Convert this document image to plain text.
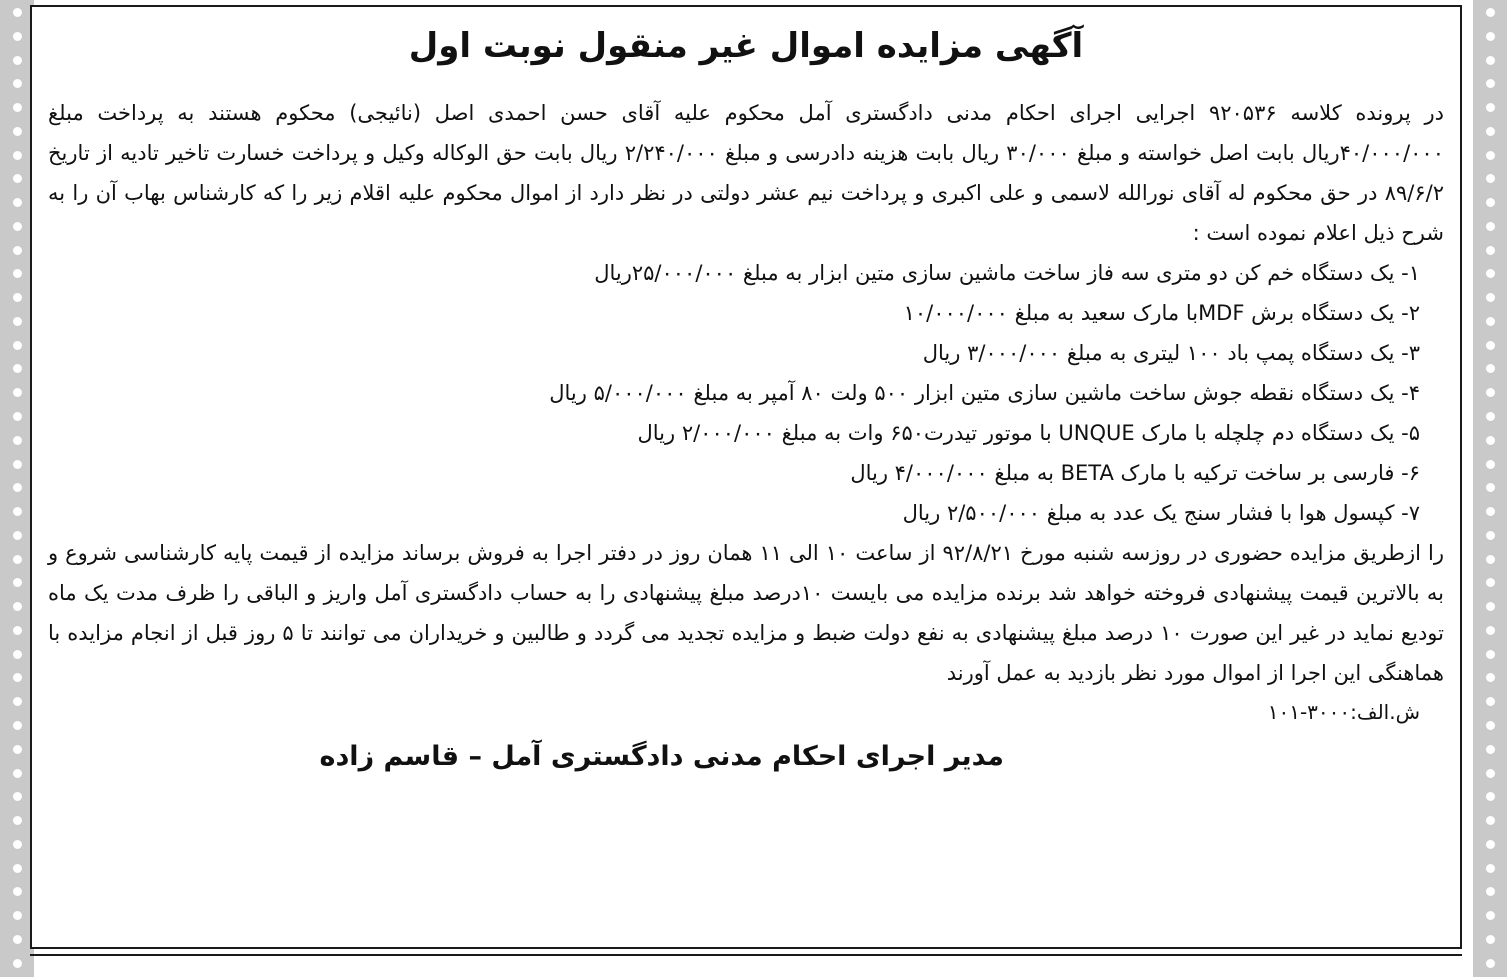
آگهی مزایده اموال غیر منقول نوبت اول

در پرونده کلاسه ۹۲۰۵۳۶ اجرایی اجرای احکام مدنی دادگستری آمل محکوم علیه آقای حسن احمدی اصل (نائیجی) محکوم هستند به پرداخت مبلغ ۴۰/۰۰۰/۰۰۰ریال بابت اصل خواسته و مبلغ ۳۰/۰۰۰ ریال بابت هزینه دادرسی و مبلغ ۲/۲۴۰/۰۰۰ ریال بابت حق الوکاله وکیل و پرداخت خسارت تاخیر تادیه از تاریخ ۸۹/۶/۲ در حق محکوم له آقای نورالله لاسمی و علی اکبری و پرداخت نیم عشر دولتی در نظر دارد از اموال محکوم علیه اقلام زیر را که کارشناس بهاب آن را به شرح ذیل اعلام نموده است :

۱- یک دستگاه خم کن دو متری سه فاز ساخت ماشین سازی متین ابزار به مبلغ ۲۵/۰۰۰/۰۰۰ریال
۲- یک دستگاه برش MDFبا مارک سعید به مبلغ ۱۰/۰۰۰/۰۰۰
۳- یک دستگاه پمپ باد ۱۰۰ لیتری به مبلغ ۳/۰۰۰/۰۰۰ ریال
۴- یک دستگاه نقطه جوش ساخت ماشین سازی متین ابزار ۵۰۰ ولت ۸۰ آمپر به مبلغ ۵/۰۰۰/۰۰۰ ریال
۵- یک دستگاه دم چلچله با مارک UNQUE با موتور تیدرت۶۵۰ وات به مبلغ ۲/۰۰۰/۰۰۰ ریال
۶- فارسی بر ساخت ترکیه با مارک BETA به مبلغ ۴/۰۰۰/۰۰۰ ریال
۷- کپسول هوا با فشار سنج یک عدد به مبلغ ۲/۵۰۰/۰۰۰ ریال

را ازطریق مزایده حضوری در روزسه شنبه مورخ ۹۲/۸/۲۱ از ساعت ۱۰ الی ۱۱ همان روز در دفتر اجرا به فروش برساند مزایده از قیمت پایه کارشناسی شروع و به بالاترین قیمت پیشنهادی فروخته خواهد شد برنده مزایده می بایست ۱۰درصد مبلغ پیشنهادی را به حساب دادگستری آمل واریز و الباقی را ظرف مدت یک ماه تودیع نماید در غیر این صورت ۱۰ درصد مبلغ پیشنهادی به نفع دولت ضبط و مزایده تجدید می گردد و طالبین و خریداران می توانند تا ۵ روز قبل از انجام مزایده با هماهنگی این اجرا از اموال مورد نظر بازدید به عمل آورند

ش.الف:۳۰۰۰-۱۰۱

مدیر اجرای احکام مدنی دادگستری آمل – قاسم زاده
